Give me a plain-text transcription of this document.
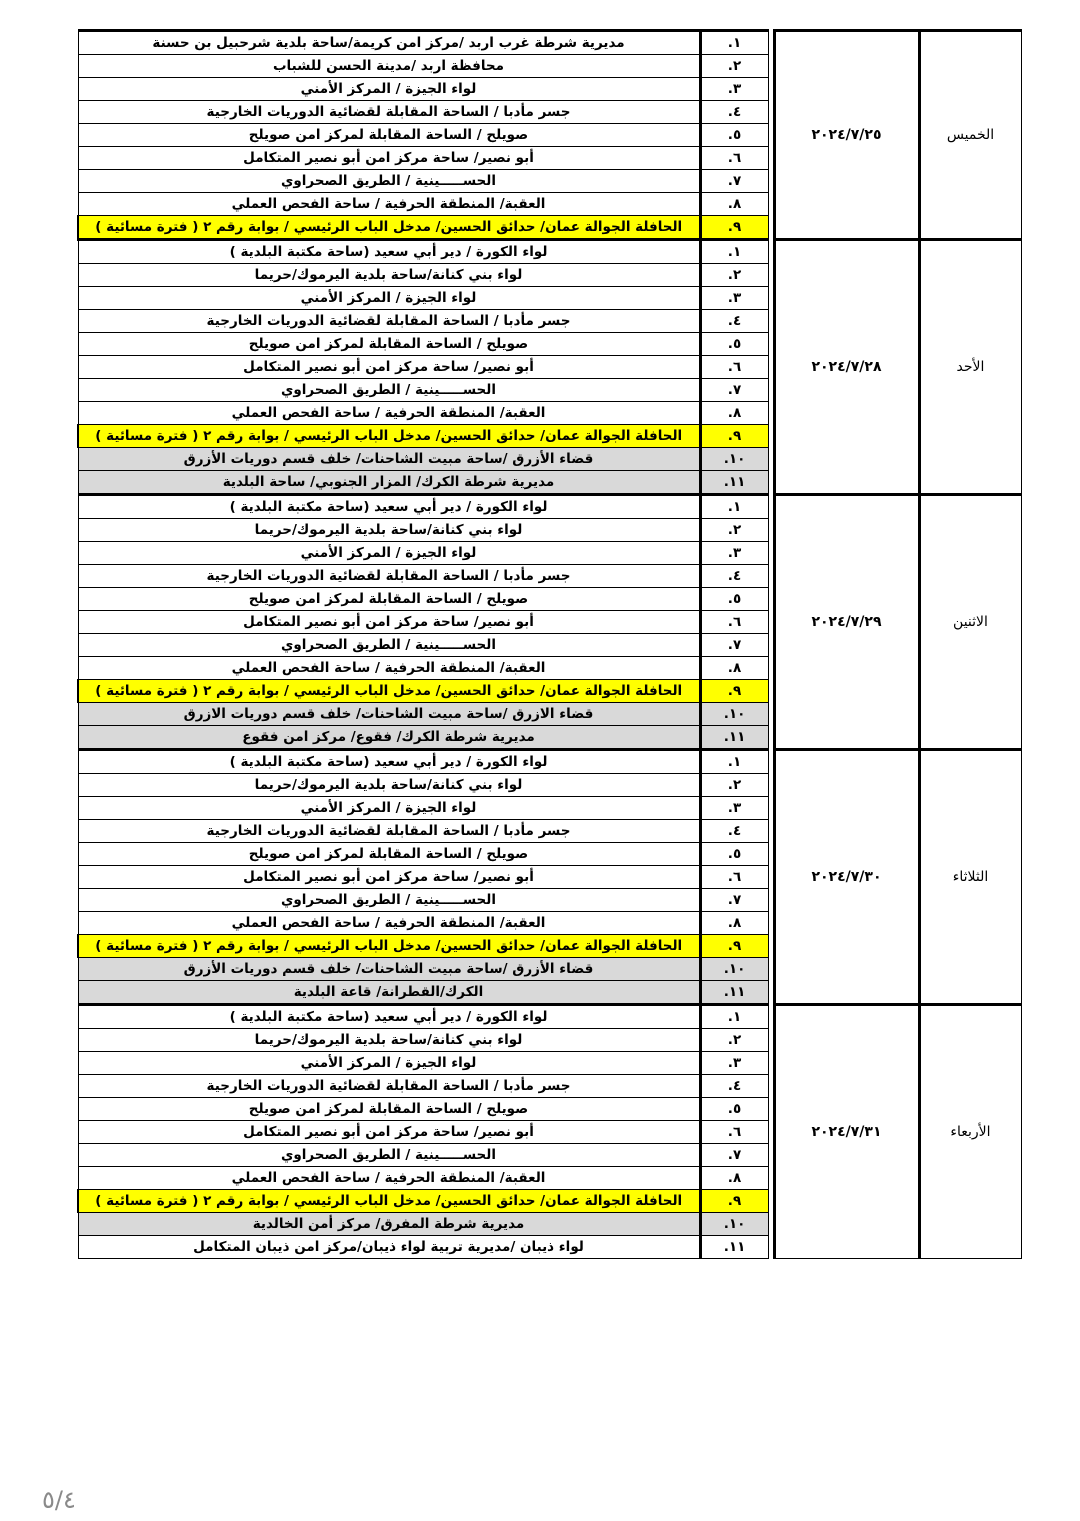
مديرية شرطة غرب اربد /مركز امن كريمة/ساحة بلدية شرحبيل بن حسنة	.١		٢٠٢٤/٧/٢٥	الخميس
محافظة اربد /مدينة الحسن للشباب	.٢			
لواء الجيزة / المركز الأمني	.٣			
جسر مأدبا / الساحة المقابلة لقضائية الدوريات الخارجية	.٤			
صويلح / الساحة المقابلة لمركز امن صويلح	.٥			
أبو نصير/ ساحة مركز امن أبو نصير المتكامل	.٦			
الحســـــينية / الطريق الصحراوي	.٧			
العقبة/ المنطقة الحرفية / ساحة الفحص العملي	.٨			
الحافلة الجوالة عمان/ حدائق الحسين/ مدخل الباب الرئيسي / بوابة رقم ٢ ( فترة مسائية )	.٩			
لواء الكورة / دير أبي سعيد (ساحة مكتبة البلدية )	.١		٢٠٢٤/٧/٢٨	الأحد
لواء بني كنانة/ساحة بلدية اليرموك/حريما	.٢			
لواء الجيزة / المركز الأمني	.٣			
جسر مأدبا / الساحة المقابلة لقضائية الدوريات الخارجية	.٤			
صويلح / الساحة المقابلة لمركز امن صويلح	.٥			
أبو نصير/ ساحة مركز امن أبو نصير المتكامل	.٦			
الحســـــينية / الطريق الصحراوي	.٧			
العقبة/ المنطقة الحرفية / ساحة الفحص العملي	.٨			
الحافلة الجوالة عمان/ حدائق الحسين/ مدخل الباب الرئيسي / بوابة رقم ٢ ( فترة مسائية )	.٩			
قضاء الأزرق /ساحة مبيت الشاحنات/ خلف قسم دوريات الأزرق	.١٠			
مديرية شرطة الكرك/ المزار الجنوبي/ ساحة البلدية	.١١			
لواء الكورة / دير أبي سعيد (ساحة مكتبة البلدية )	.١		٢٠٢٤/٧/٢٩	الاثنين
لواء بني كنانة/ساحة بلدية اليرموك/حريما	.٢			
لواء الجيزة / المركز الأمني	.٣			
جسر مأدبا / الساحة المقابلة لقضائية الدوريات الخارجية	.٤			
صويلح / الساحة المقابلة لمركز امن صويلح	.٥			
أبو نصير/ ساحة مركز امن أبو نصير المتكامل	.٦			
الحســـــينية / الطريق الصحراوي	.٧			
العقبة/ المنطقة الحرفية / ساحة الفحص العملي	.٨			
الحافلة الجوالة عمان/ حدائق الحسين/ مدخل الباب الرئيسي / بوابة رقم ٢ ( فترة مسائية )	.٩			
قضاء الازرق /ساحة مبيت الشاحنات/ خلف قسم دوريات الازرق	.١٠			
مديرية شرطة الكرك/ فقوع/ مركز امن فقوع	.١١			
لواء الكورة / دير أبي سعيد (ساحة مكتبة البلدية )	.١		٢٠٢٤/٧/٣٠	الثلاثاء
لواء بني كنانة/ساحة بلدية اليرموك/حريما	.٢			
لواء الجيزة / المركز الأمني	.٣			
جسر مأدبا / الساحة المقابلة لقضائية الدوريات الخارجية	.٤			
صويلح / الساحة المقابلة لمركز امن صويلح	.٥			
أبو نصير/ ساحة مركز امن أبو نصير المتكامل	.٦			
الحســـــينية / الطريق الصحراوي	.٧			
العقبة/ المنطقة الحرفية / ساحة الفحص العملي	.٨			
الحافلة الجوالة عمان/ حدائق الحسين/ مدخل الباب الرئيسي / بوابة رقم ٢ ( فترة مسائية )	.٩			
قضاء الأزرق /ساحة مبيت الشاحنات/ خلف قسم دوريات الأزرق	.١٠			
الكرك/القطرانة/ قاعة البلدية	.١١			
لواء الكورة / دير أبي سعيد (ساحة مكتبة البلدية )	.١		٢٠٢٤/٧/٣١	الأربعاء
لواء بني كنانة/ساحة بلدية اليرموك/حريما	.٢			
لواء الجيزة / المركز الأمني	.٣			
جسر مأدبا / الساحة المقابلة لقضائية الدوريات الخارجية	.٤			
صويلح / الساحة المقابلة لمركز امن صويلح	.٥			
أبو نصير/ ساحة مركز امن أبو نصير المتكامل	.٦			
الحســـــينية / الطريق الصحراوي	.٧			
العقبة/ المنطقة الحرفية / ساحة الفحص العملي	.٨			
الحافلة الجوالة عمان/ حدائق الحسين/ مدخل الباب الرئيسي / بوابة رقم ٢ ( فترة مسائية )	.٩			
مديرية شرطة المفرق/ مركز أمن الخالدية	.١٠			
لواء ذيبان /مديرية تربية لواء ذيبان/مركز امن ذيبان المتكامل	.١١			
٥/٤
